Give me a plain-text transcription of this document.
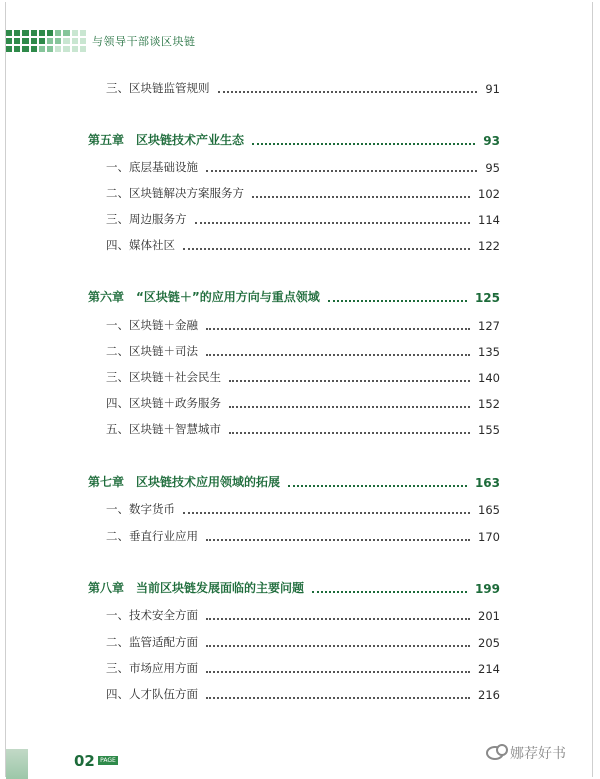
与领导干部谈区块链
三、区块链监管规则	91
第五章　区块链技术产业生态	93
一、底层基础设施	95
二、区块链解决方案服务方	102
三、周边服务方	114
四、媒体社区	122
第六章　“区块链＋”的应用方向与重点领域	125
一、区块链＋金融	127
二、区块链＋司法	135
三、区块链＋社会民生	140
四、区块链＋政务服务	152
五、区块链＋智慧城市	155
第七章　区块链技术应用领域的拓展	163
一、数字货币	165
二、垂直行业应用	170
第八章　当前区块链发展面临的主要问题	199
一、技术安全方面	201
二、监管适配方面	205
三、市场应用方面	214
四、人才队伍方面	216
02 PAGE	娜荐好书
